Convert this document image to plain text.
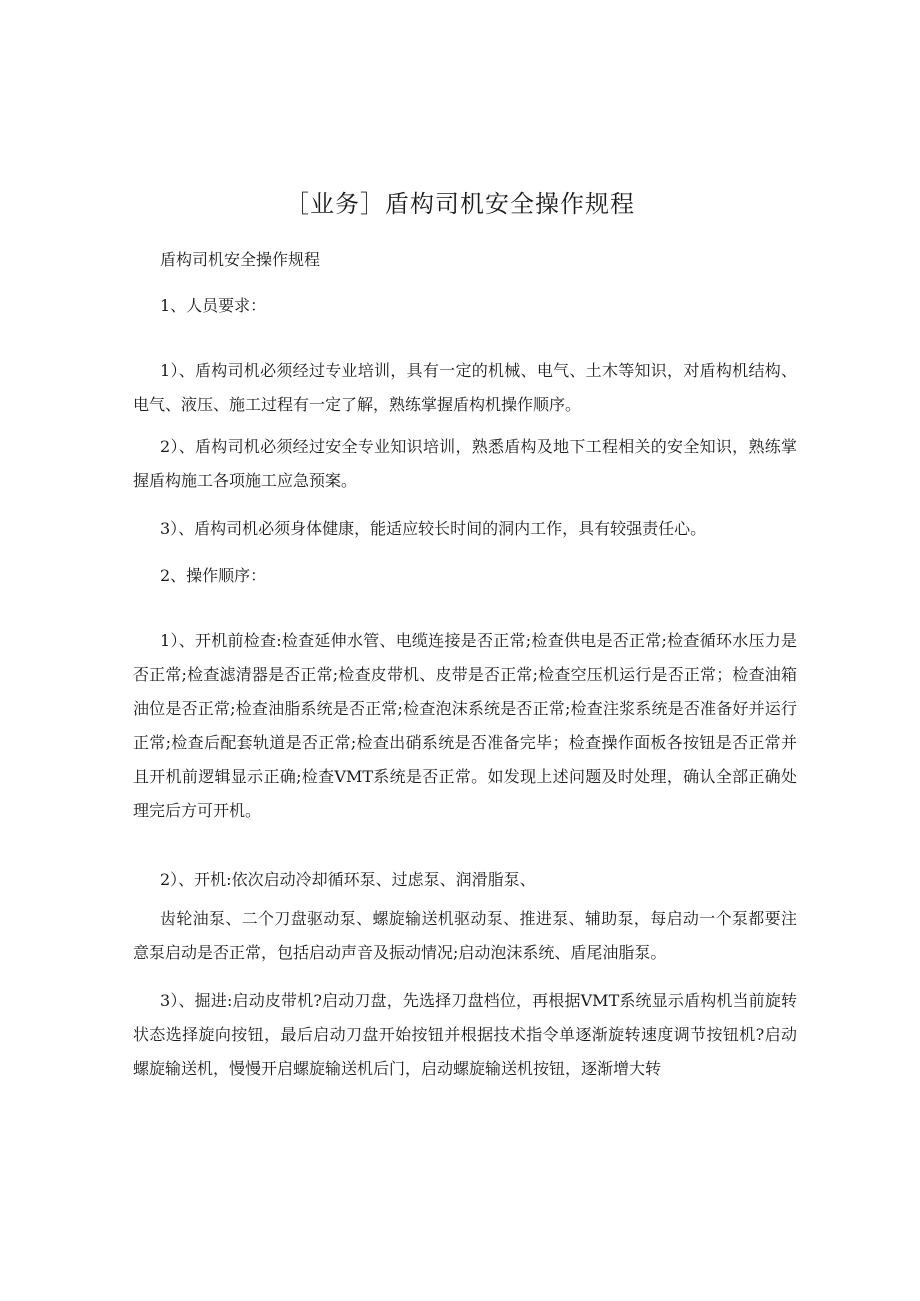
［业务］盾构司机安全操作规程
盾构司机安全操作规程
1、人员要求：
1）、盾构司机必须经过专业培训，具有一定的机械、电气、土木等知识，对盾构机结构、电气、液压、施工过程有一定了解，熟练掌握盾构机操作顺序。
2）、盾构司机必须经过安全专业知识培训，熟悉盾构及地下工程相关的安全知识，熟练掌握盾构施工各项施工应急预案。
3）、盾构司机必须身体健康，能适应较长时间的洞内工作，具有较强责任心。
2、操作顺序：
1）、开机前检查:检查延伸水管、电缆连接是否正常;检查供电是否正常;检查循环水压力是否正常;检查滤清器是否正常;检查皮带机、皮带是否正常;检查空压机运行是否正常；检查油箱油位是否正常;检查油脂系统是否正常;检查泡沫系统是否正常;检查注浆系统是否准备好并运行正常;检查后配套轨道是否正常;检查出硝系统是否准备完毕；检查操作面板各按钮是否正常并且开机前逻辑显示正确;检查VMT系统是否正常。如发现上述问题及时处理，确认全部正确处理完后方可开机。
2）、开机:依次启动冷却循环泵、过虑泵、润滑脂泵、
齿轮油泵、二个刀盘驱动泵、螺旋输送机驱动泵、推进泵、辅助泵，每启动一个泵都要注意泵启动是否正常，包括启动声音及振动情况;启动泡沫系统、盾尾油脂泵。
3）、掘进:启动皮带机?启动刀盘，先选择刀盘档位，再根据VMT系统显示盾构机当前旋转状态选择旋向按钮，最后启动刀盘开始按钮并根据技术指令单逐渐旋转速度调节按钮机?启动螺旋输送机，慢慢开启螺旋输送机后门，启动螺旋输送机按钮，逐渐增大转
